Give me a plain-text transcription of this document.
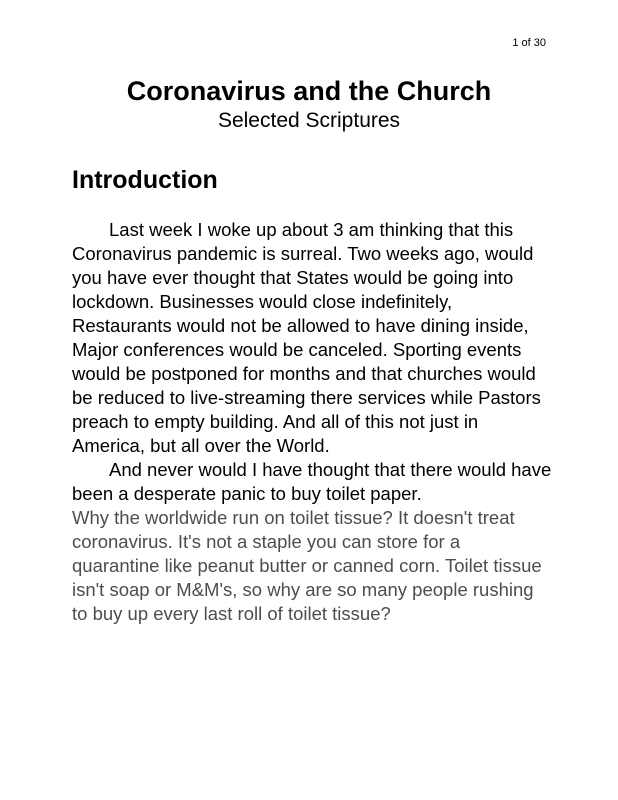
1 of 30
Coronavirus and the Church
Selected Scriptures
Introduction

Last week I woke up about 3 am thinking that this Coronavirus pandemic is surreal. Two weeks ago, would you have ever thought that States would be going into lockdown. Businesses would close indefinitely, Restaurants would not be allowed to have dining inside, Major conferences would be canceled. Sporting events would be postponed for months and that churches would be reduced to live-streaming there services while Pastors preach to empty building. And all of this not just in America, but all over the World.

And never would I have thought that there would have been a desperate panic to buy toilet paper.

Why the worldwide run on toilet tissue? It doesn't treat coronavirus. It's not a staple you can store for a quarantine like peanut butter or canned corn. Toilet tissue isn't soap or M&M's, so why are so many people rushing to buy up every last roll of toilet tissue?
